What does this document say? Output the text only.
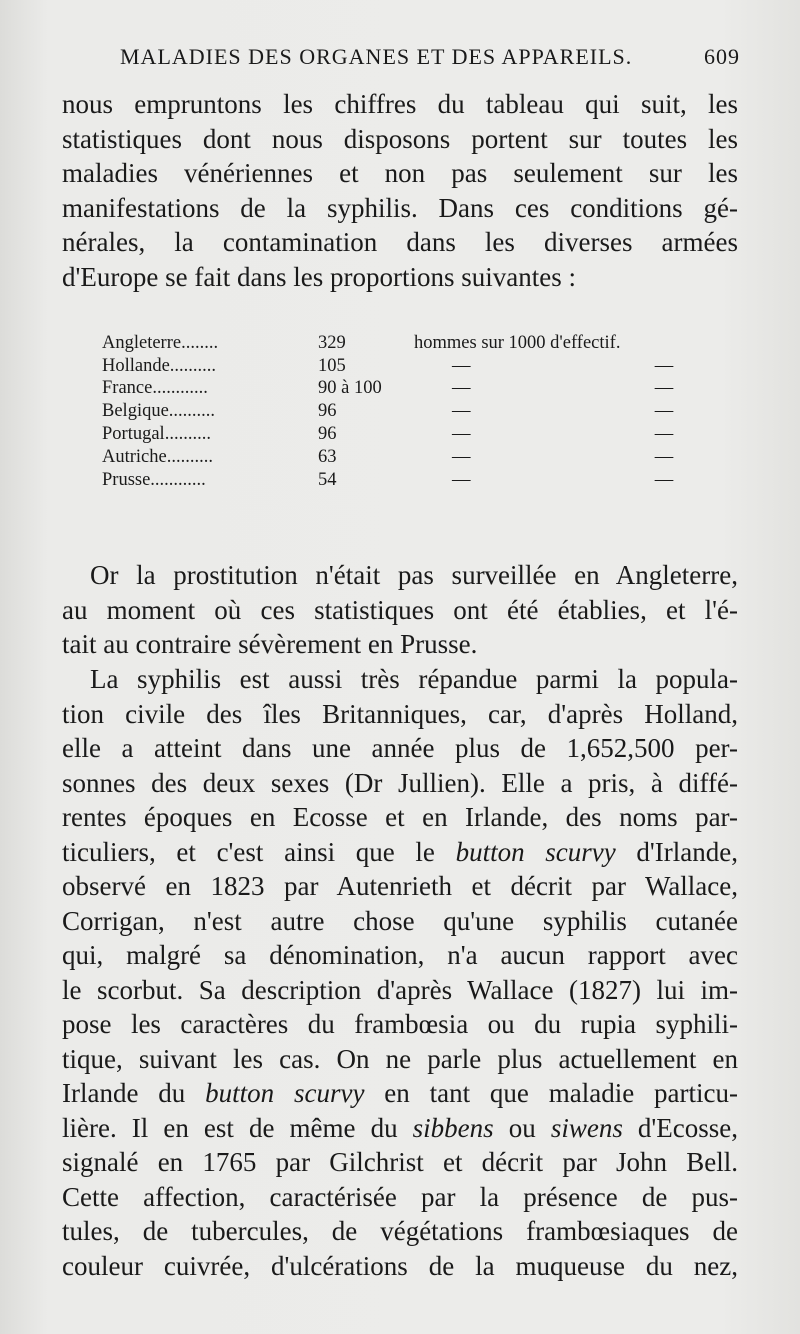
MALADIES DES ORGANES ET DES APPAREILS.	609
nous empruntons les chiffres du tableau qui suit, les
statistiques dont nous disposons portent sur toutes les
maladies vénériennes et non pas seulement sur les
manifestations de la syphilis. Dans ces conditions gé-
nérales, la contamination dans les diverses armées
d'Europe se fait dans les proportions suivantes :
Angleterre........	329	hommes sur 1000 d'effectif.	
Hollande..........	105	—	—
France............	90 à 100	—	—
Belgique..........	96	—	—
Portugal..........	96	—	—
Autriche..........	63	—	—
Prusse............	54	—	—
Or la prostitution n'était pas surveillée en Angleterre,
au moment où ces statistiques ont été établies, et l'é-
tait au contraire sévèrement en Prusse.
La syphilis est aussi très répandue parmi la popula-
tion civile des îles Britanniques, car, d'après Holland,
elle a atteint dans une année plus de 1,652,500 per-
sonnes des deux sexes (Dr Jullien). Elle a pris, à diffé-
rentes époques en Ecosse et en Irlande, des noms par-
ticuliers, et c'est ainsi que le button scurvy d'Irlande,
observé en 1823 par Autenrieth et décrit par Wallace,
Corrigan, n'est autre chose qu'une syphilis cutanée
qui, malgré sa dénomination, n'a aucun rapport avec
le scorbut. Sa description d'après Wallace (1827) lui im-
pose les caractères du frambœsia ou du rupia syphili-
tique, suivant les cas. On ne parle plus actuellement en
Irlande du button scurvy en tant que maladie particu-
lière. Il en est de même du sibbens ou siwens d'Ecosse,
signalé en 1765 par Gilchrist et décrit par John Bell.
Cette affection, caractérisée par la présence de pus-
tules, de tubercules, de végétations frambœsiaques de
couleur cuivrée, d'ulcérations de la muqueuse du nez,
